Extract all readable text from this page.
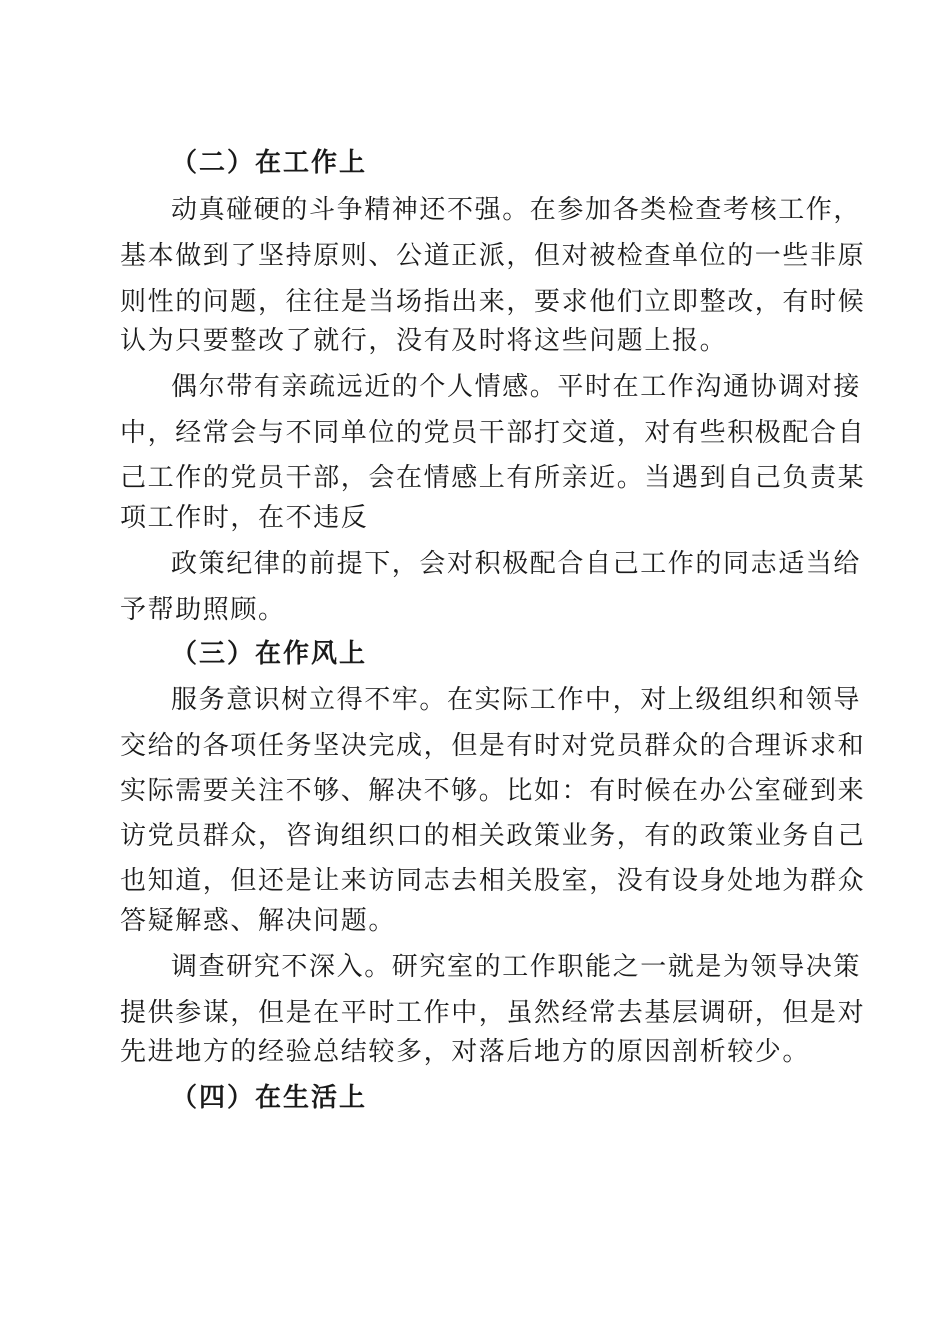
（二）在工作上
动真碰硬的斗争精神还不强。在参加各类检查考核工作，
基本做到了坚持原则、公道正派，但对被检查单位的一些非原
则性的问题，往往是当场指出来，要求他们立即整改，有时候
认为只要整改了就行，没有及时将这些问题上报。
偶尔带有亲疏远近的个人情感。平时在工作沟通协调对接
中，经常会与不同单位的党员干部打交道，对有些积极配合自
己工作的党员干部，会在情感上有所亲近。当遇到自己负责某
项工作时，在不违反
政策纪律的前提下，会对积极配合自己工作的同志适当给
予帮助照顾。
（三）在作风上
服务意识树立得不牢。在实际工作中，对上级组织和领导
交给的各项任务坚决完成，但是有时对党员群众的合理诉求和
实际需要关注不够、解决不够。比如：有时候在办公室碰到来
访党员群众，咨询组织口的相关政策业务，有的政策业务自己
也知道，但还是让来访同志去相关股室，没有设身处地为群众
答疑解惑、解决问题。
调查研究不深入。研究室的工作职能之一就是为领导决策
提供参谋，但是在平时工作中，虽然经常去基层调研，但是对
先进地方的经验总结较多，对落后地方的原因剖析较少。
（四）在生活上
